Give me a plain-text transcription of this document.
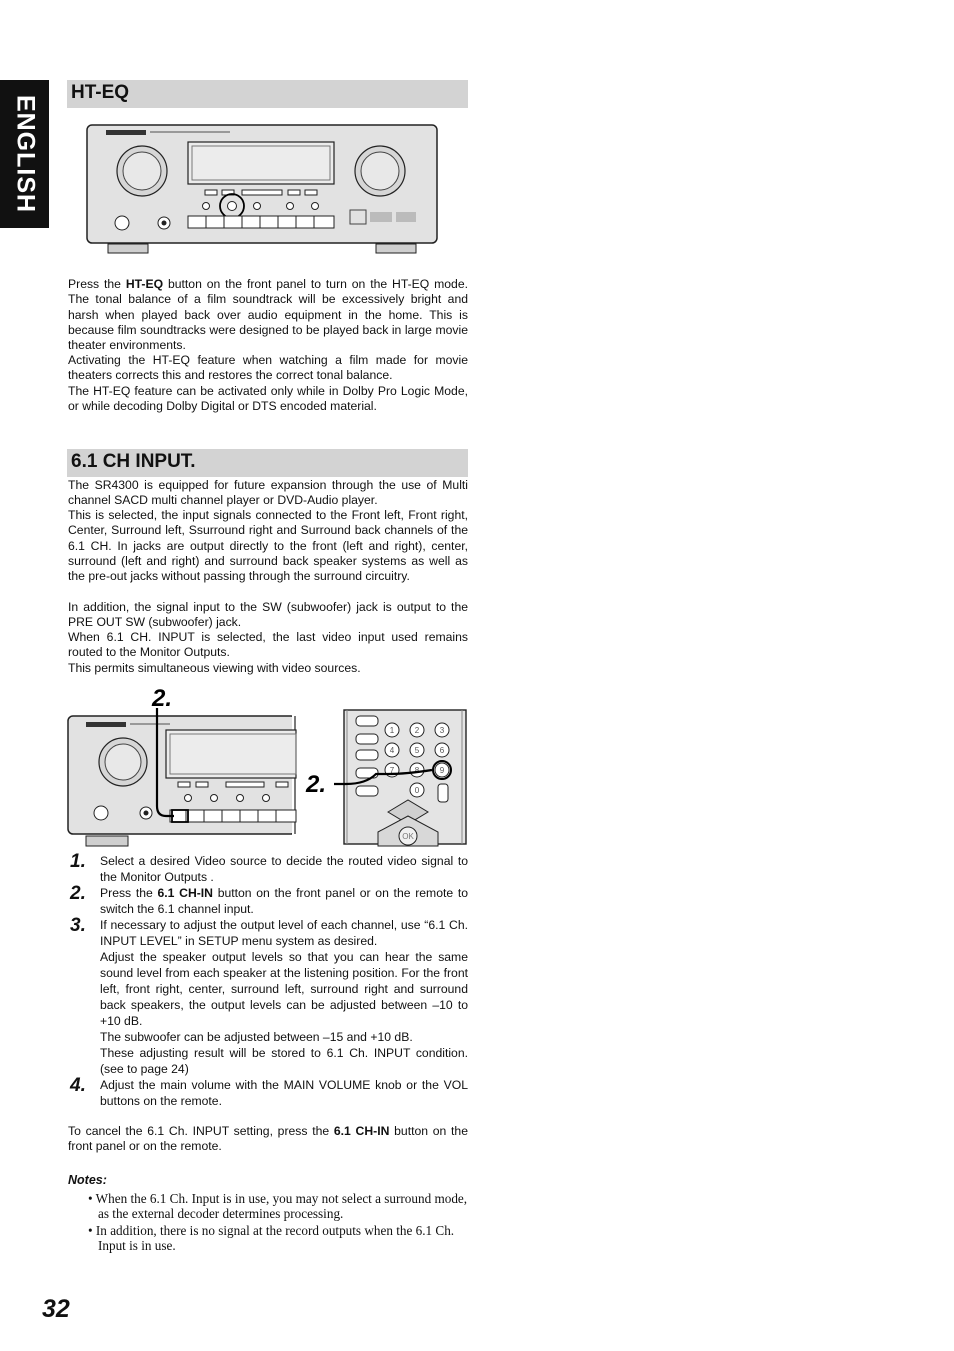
ENGLISH
HT-EQ

Press the HT-EQ button on the front panel to turn on the HT-EQ mode. The tonal balance of a film soundtrack will be excessively bright and harsh when played back over audio equipment in the home. This is because film soundtracks were designed to be played back in large movie theater environments.

Activating the HT-EQ feature when watching a film made for movie theaters corrects this and restores the correct tonal balance.

The HT-EQ feature can be activated only while in Dolby Pro Logic Mode, or while decoding Dolby Digital or DTS encoded material.

6.1 CH INPUT.

The SR4300 is equipped for future expansion through the use of Multi channel SACD multi channel player or DVD-Audio player.

This is selected, the input signals connected to the Front left, Front right, Center, Surround left, Ssurround right and Surround back channels of the 6.1 CH. In jacks are output directly to the front (left and right), center, surround (left and right) and surround back speaker systems as well as the pre-out jacks without passing through the surround circuitry.

In addition, the signal input to the SW (subwoofer) jack is output to the PRE OUT SW (subwoofer) jack.

When 6.1 CH. INPUT is selected, the last video input used remains routed to the Monitor Outputs.

This permits simultaneous viewing with video sources.

2.
1	2	3
4	5	6
7	8	9
0
OK
2.
1. Select a desired Video source to decide the routed video signal to the Monitor Outputs .

2. Press the 6.1 CH-IN button on the front panel or on the remote to switch the 6.1 channel input.

3. If necessary to adjust the output level of each channel, use “6.1 Ch. INPUT LEVEL” in SETUP menu system as desired.

Adjust the speaker output levels so that you can hear the same sound level from each speaker at the listening position. For the front left, front right, center, surround left, surround right and surround back speakers, the output levels can be adjusted between –10 to +10 dB.

The subwoofer can be adjusted between –15 and +10 dB.

These adjusting result will be stored to 6.1 Ch. INPUT condition. (see to page 24)

4. Adjust the main volume with the MAIN VOLUME knob or the VOL buttons on the remote.

To cancel the 6.1 Ch. INPUT setting, press the 6.1 CH-IN button on the front panel or on the remote.

Notes:
• When the 6.1 Ch. Input is in use, you may not select a surround mode, as the external decoder determines processing.
• In addition, there is no signal at the record outputs when the 6.1 Ch. Input is in use.
32
